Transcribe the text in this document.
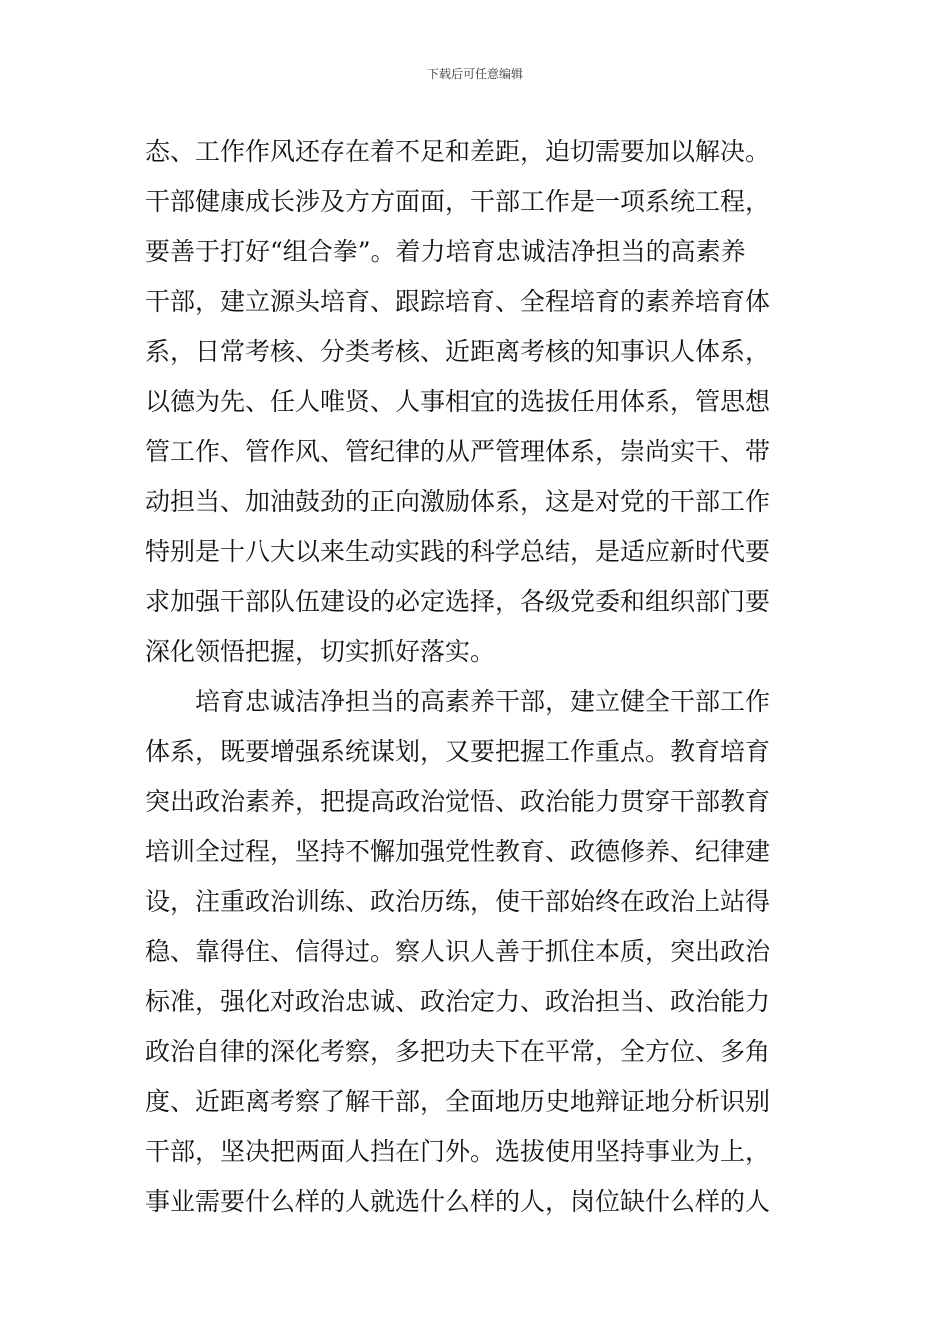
下载后可任意编辑
态、工作作风还存在着不足和差距，迫切需要加以解决。
干部健康成长涉及方方面面，干部工作是一项系统工程，
要善于打好“组合拳”。着力培育忠诚洁净担当的高素养
干部，建立源头培育、跟踪培育、全程培育的素养培育体
系，日常考核、分类考核、近距离考核的知事识人体系，
以德为先、任人唯贤、人事相宜的选拔任用体系，管思想
管工作、管作风、管纪律的从严管理体系，崇尚实干、带
动担当、加油鼓劲的正向激励体系，这是对党的干部工作
特别是十八大以来生动实践的科学总结，是适应新时代要
求加强干部队伍建设的必定选择，各级党委和组织部门要
深化领悟把握，切实抓好落实。
培育忠诚洁净担当的高素养干部，建立健全干部工作
体系，既要增强系统谋划，又要把握工作重点。教育培育
突出政治素养，把提高政治觉悟、政治能力贯穿干部教育
培训全过程，坚持不懈加强党性教育、政德修养、纪律建
设，注重政治训练、政治历练，使干部始终在政治上站得
稳、靠得住、信得过。察人识人善于抓住本质，突出政治
标准，强化对政治忠诚、政治定力、政治担当、政治能力
政治自律的深化考察，多把功夫下在平常，全方位、多角
度、近距离考察了解干部，全面地历史地辩证地分析识别
干部，坚决把两面人挡在门外。选拔使用坚持事业为上，
事业需要什么样的人就选什么样的人，岗位缺什么样的人
